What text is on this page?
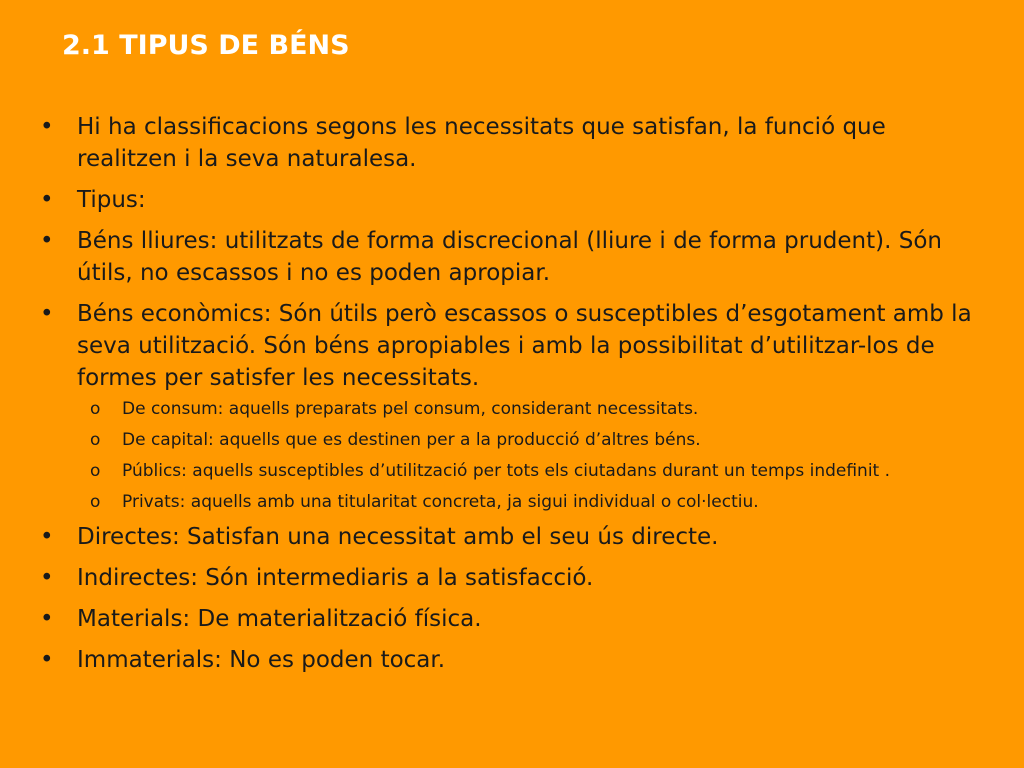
2.1 TIPUS DE BÉNS
• Hi ha classificacions segons les necessitats que satisfan, la funció que realitzen i la seva naturalesa.
• Tipus:
• Béns lliures: utilitzats de forma discrecional (lliure i de forma prudent). Són útils, no escassos i no es poden apropiar.
• Béns econòmics: Són útils però escassos o susceptibles d’esgotament amb la seva utilització. Són béns apropiables i amb la possibilitat d’utilitzar-los de formes per satisfer les necessitats.
o De consum: aquells preparats pel consum, considerant necessitats.
o De capital: aquells que es destinen per a la producció d’altres béns.
o Públics: aquells susceptibles d’utilització per tots els ciutadans durant un temps indefinit .
o Privats: aquells amb una titularitat concreta, ja sigui individual o col·lectiu.
• Directes: Satisfan una necessitat amb el seu ús directe.
• Indirectes: Són intermediaris a la satisfacció.
• Materials: De materialització física.
• Immaterials: No es poden tocar.
